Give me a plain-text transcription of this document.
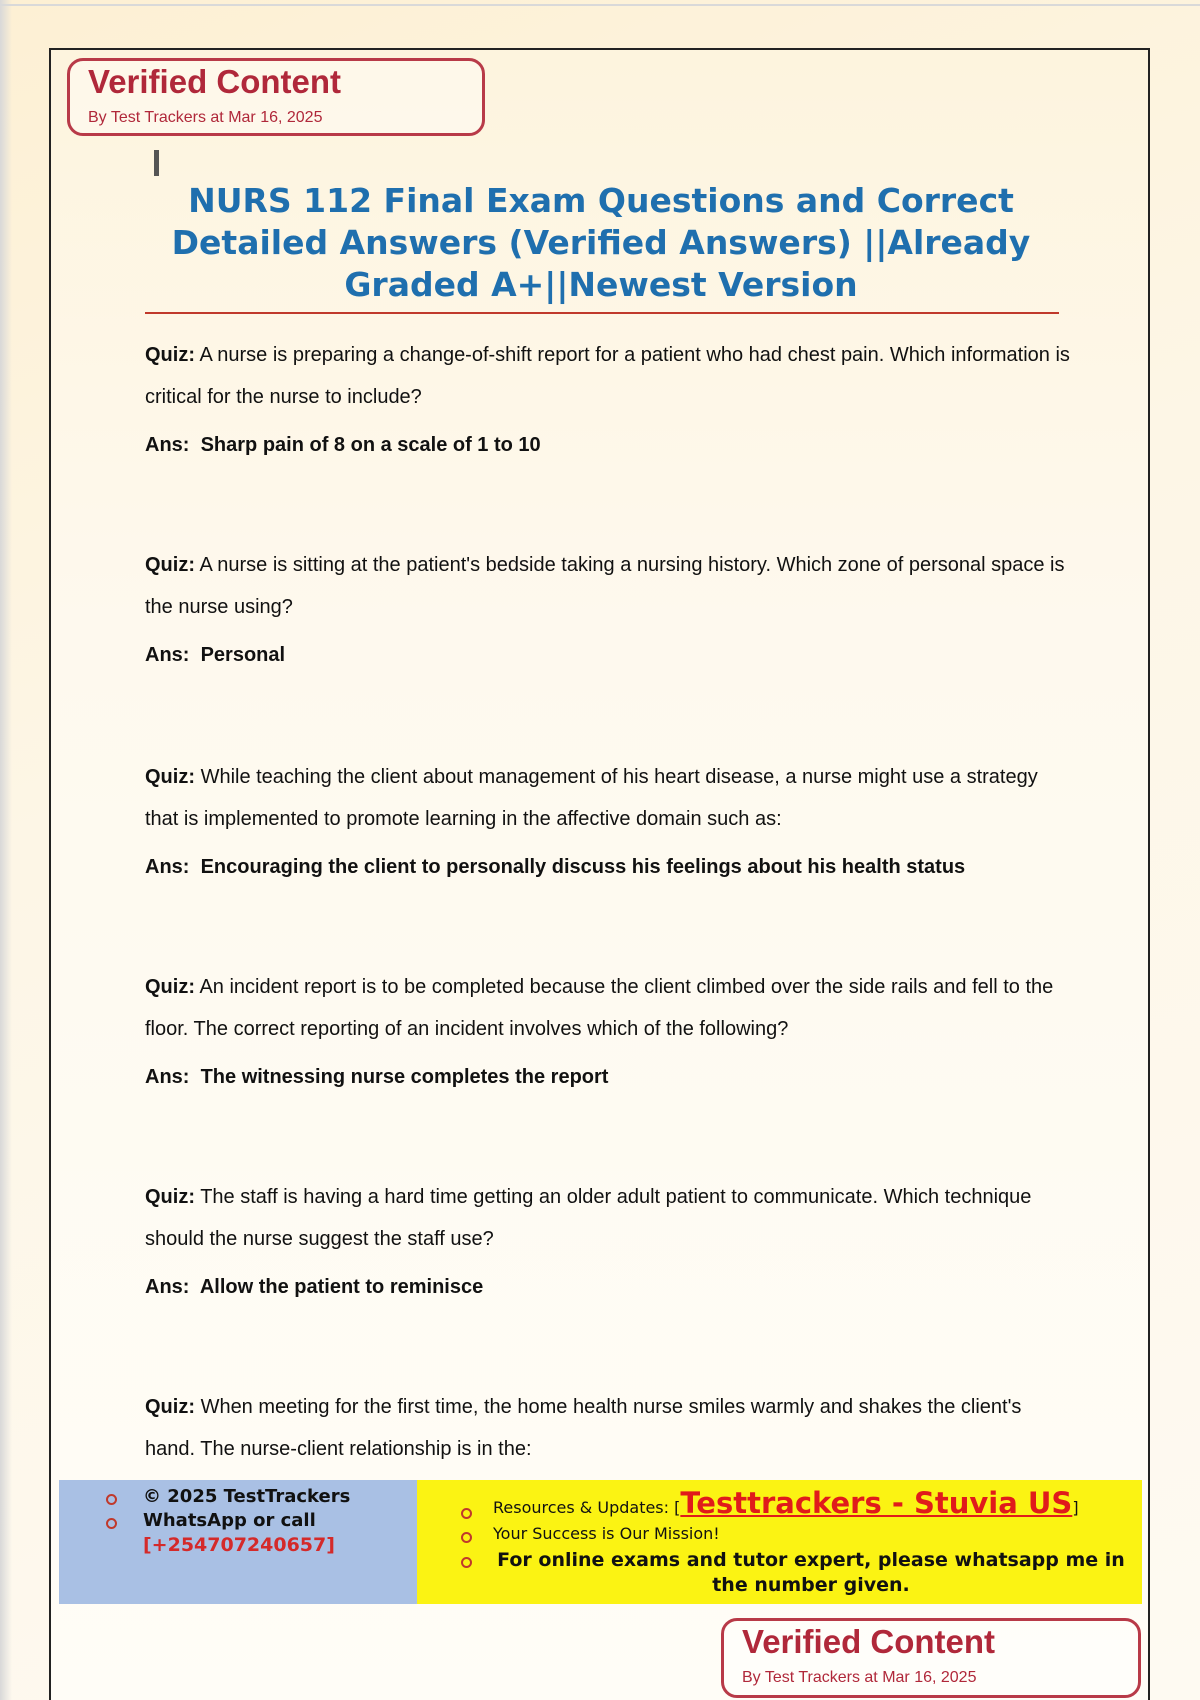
Verified Content
By Test Trackers at Mar 16, 2025
NURS 112 Final Exam Questions and Correct Detailed Answers (Verified Answers) ||Already Graded A+||Newest Version
Quiz: A nurse is preparing a change-of-shift report for a patient who had chest pain. Which information is critical for the nurse to include?
Ans: Sharp pain of 8 on a scale of 1 to 10
Quiz: A nurse is sitting at the patient's bedside taking a nursing history. Which zone of personal space is the nurse using?
Ans: Personal
Quiz: While teaching the client about management of his heart disease, a nurse might use a strategy that is implemented to promote learning in the affective domain such as:
Ans: Encouraging the client to personally discuss his feelings about his health status
Quiz: An incident report is to be completed because the client climbed over the side rails and fell to the floor. The correct reporting of an incident involves which of the following?
Ans: The witnessing nurse completes the report
Quiz: The staff is having a hard time getting an older adult patient to communicate. Which technique should the nurse suggest the staff use?
Ans: Allow the patient to reminisce
Quiz: When meeting for the first time, the home health nurse smiles warmly and shakes the client's hand. The nurse-client relationship is in the:
© 2025 TestTrackers
WhatsApp or call
[+254707240657]
Resources & Updates: [Testtrackers - Stuvia US]
Your Success is Our Mission!
For online exams and tutor expert, please whatsapp me in the number given.
Verified Content
By Test Trackers at Mar 16, 2025
